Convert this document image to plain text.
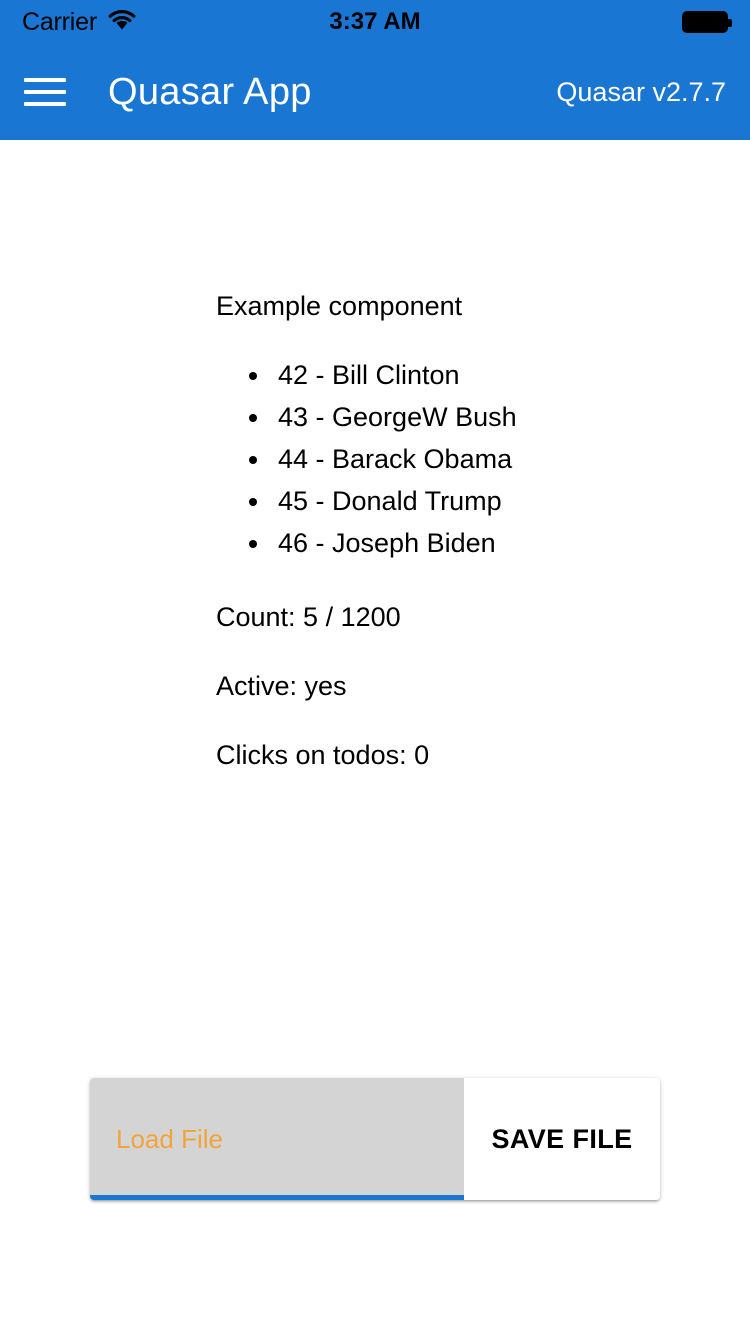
Carrier	3:37 AM
Quasar App	Quasar v2.7.7
Example component
• 42 - Bill Clinton
• 43 - GeorgeW Bush
• 44 - Barack Obama
• 45 - Donald Trump
• 46 - Joseph Biden
Count: 5 / 1200
Active: yes
Clicks on todos: 0
Load File	SAVE FILE
